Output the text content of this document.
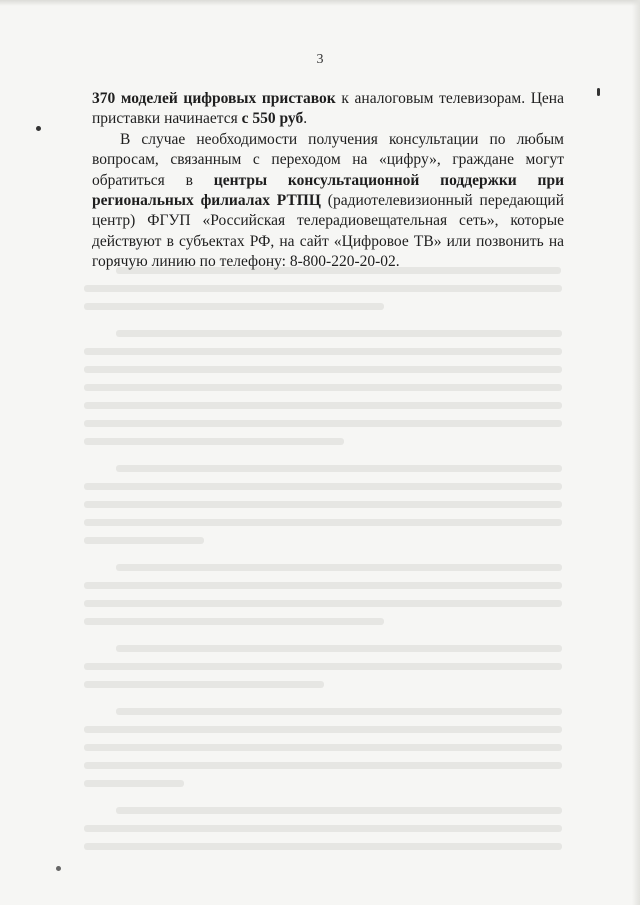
3

370 моделей цифровых приставок к аналоговым телевизорам. Цена приставки начинается с 550 руб.

В случае необходимости получения консультации по любым вопросам, связанным с переходом на «цифру», граждане могут обратиться в центры консультационной поддержки при региональных филиалах РТПЦ (радиотелевизионный передающий центр) ФГУП «Российская телерадиовещательная сеть», которые действуют в субъектах РФ, на сайт «Цифровое ТВ» или позвонить на горячую линию по телефону: 8-800-220-20-02.
